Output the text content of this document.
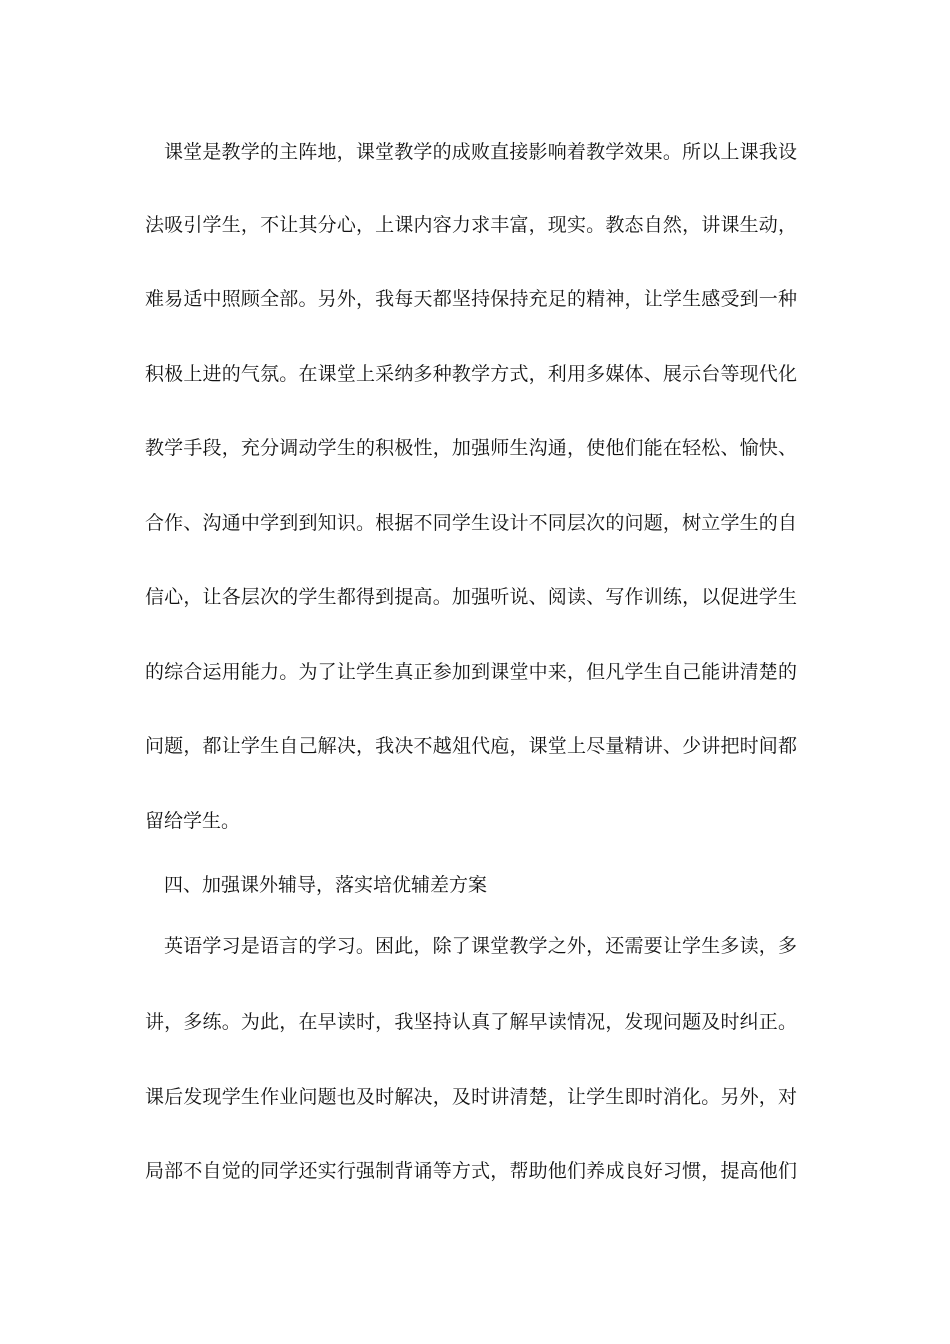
课堂是教学的主阵地，课堂教学的成败直接影响着教学效果。所以上课我设

法吸引学生，不让其分心，上课内容力求丰富，现实。教态自然，讲课生动，

难易适中照顾全部。另外，我每天都坚持保持充足的精神，让学生感受到一种

积极上进的气氛。在课堂上采纳多种教学方式，利用多媒体、展示台等现代化

教学手段，充分调动学生的积极性，加强师生沟通，使他们能在轻松、愉快、

合作、沟通中学到到知识。根据不同学生设计不同层次的问题，树立学生的自

信心，让各层次的学生都得到提高。加强听说、阅读、写作训练，以促进学生

的综合运用能力。为了让学生真正参加到课堂中来，但凡学生自己能讲清楚的

问题，都让学生自己解决，我决不越俎代庖，课堂上尽量精讲、少讲把时间都

留给学生。

四、加强课外辅导，落实培优辅差方案

英语学习是语言的学习。困此，除了课堂教学之外，还需要让学生多读，多

讲，多练。为此，在早读时，我坚持认真了解早读情况，发现问题及时纠正。

课后发现学生作业问题也及时解决，及时讲清楚，让学生即时消化。另外，对

局部不自觉的同学还实行强制背诵等方式，帮助他们养成良好习惯，提高他们
